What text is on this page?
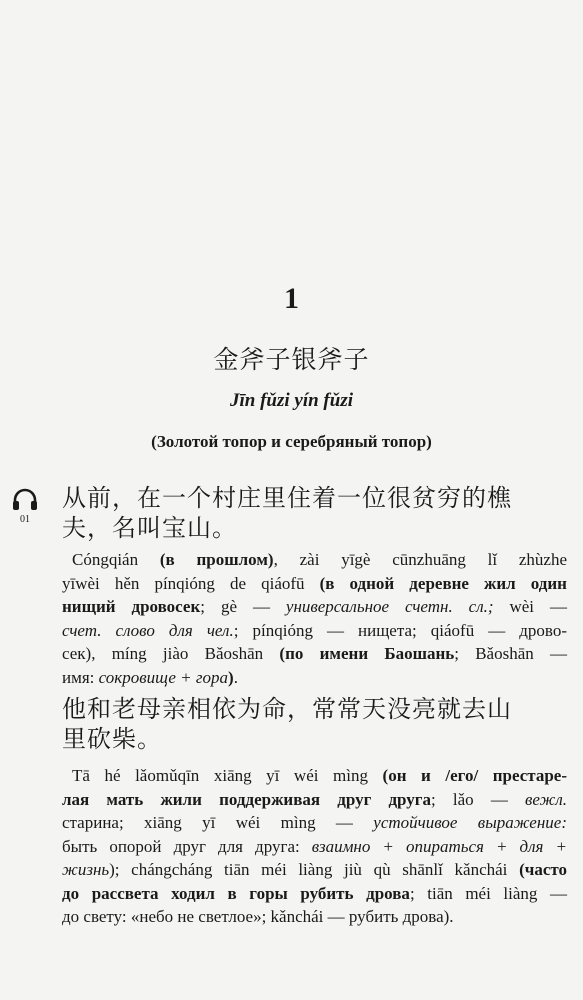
1
金斧子银斧子
Jīn fǔzi yín fǔzi
(Золотой топор и серебряный топор)
01
从前，在一个村庄里住着一位很贫穷的樵
夫，名叫宝山。
Cóngqián (в прошлом), zài yīgè cūnzhuāng lǐ zhùzhe
yīwèi hěn pínqióng de qiáofū (в одной деревне жил один
нищий дровосек; gè — универсальное счетн. сл.; wèi —
счет. слово для чел.; pínqióng — нищета; qiáofū — дрово-
сек), míng jiào Bǎoshān (по имени Баошань; Bǎoshān —
имя: сокровище + гора).
他和老母亲相依为命，常常天没亮就去山
里砍柴。
Tā hé lǎomǔqīn xiāng yī wéi mìng (он и /его/ престаре-
лая мать жили поддерживая друг друга; lǎo — вежл.
старина; xiāng yī wéi mìng — устойчивое выражение:
быть опорой друг для друга: взаимно + опираться + для +
жизнь); chángcháng tiān méi liàng jiù qù shānlǐ kǎnchái (часто
до рассвета ходил в горы рубить дрова; tiān méi liàng —
до свету: «небо не светлое»; kǎnchái — рубить дрова).
